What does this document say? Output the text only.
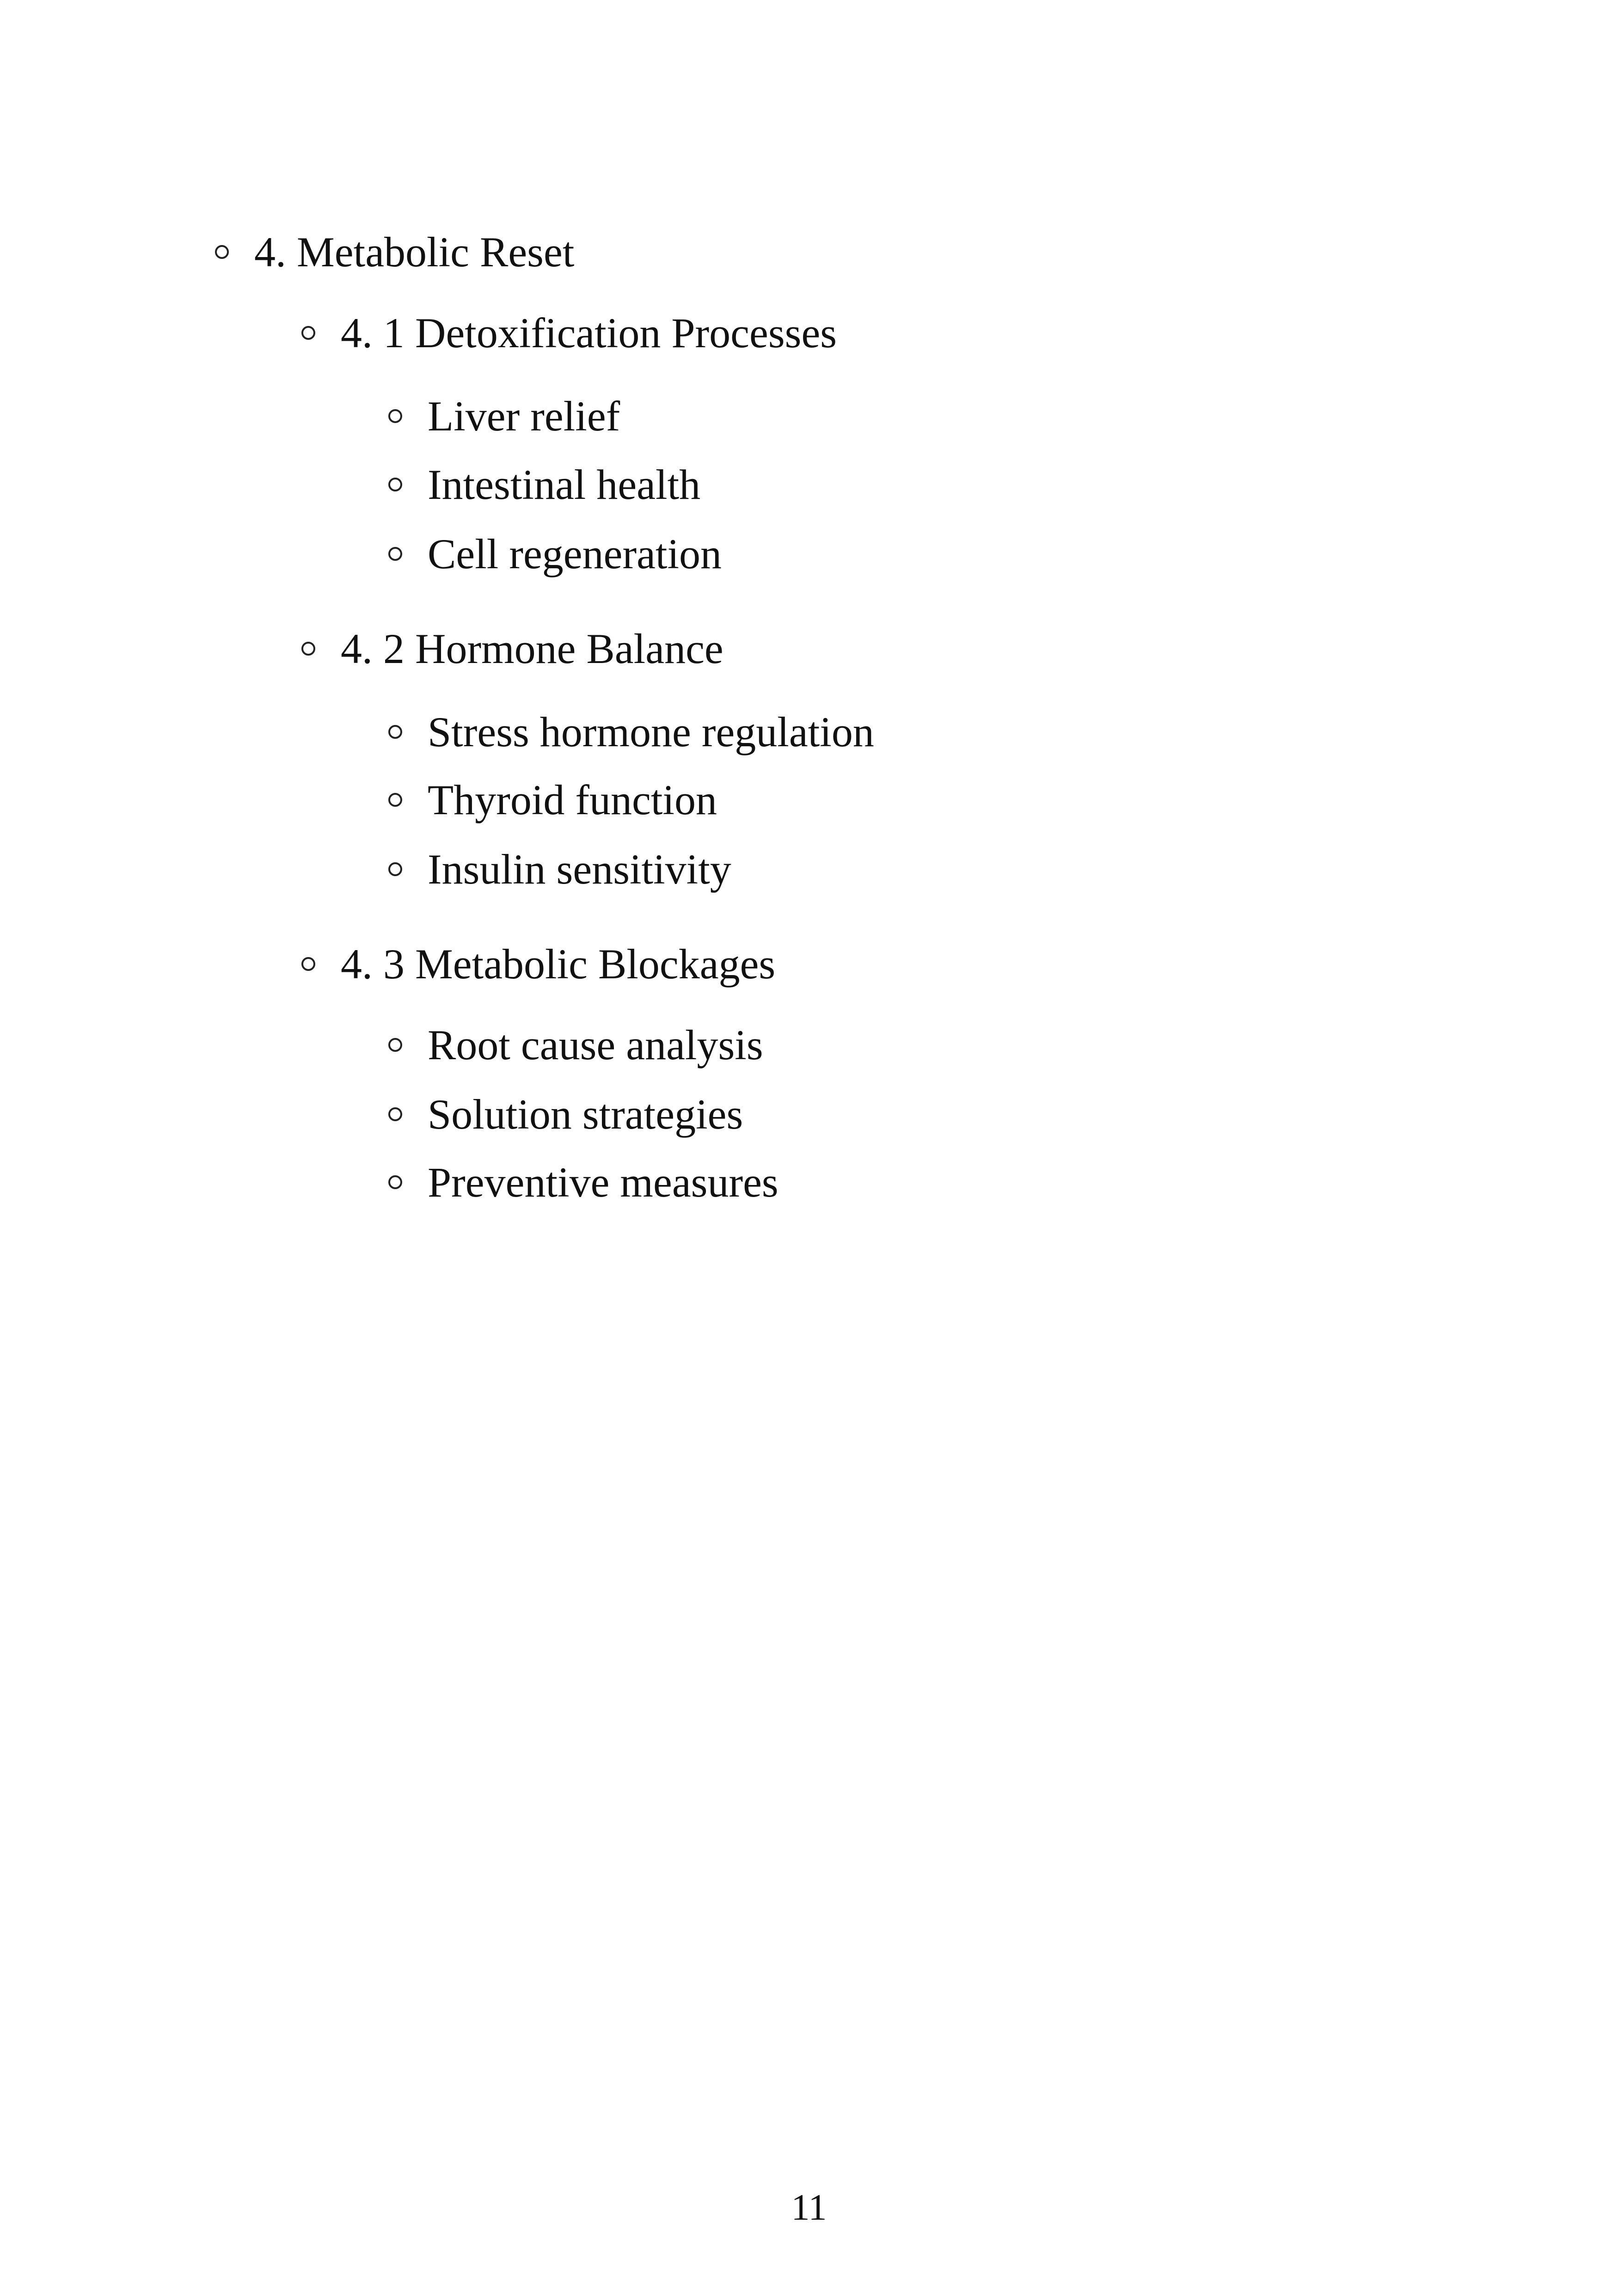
4. Metabolic Reset
4. 1 Detoxification Processes
Liver relief
Intestinal health
Cell regeneration
4. 2 Hormone Balance
Stress hormone regulation
Thyroid function
Insulin sensitivity
4. 3 Metabolic Blockages
Root cause analysis
Solution strategies
Preventive measures
11
